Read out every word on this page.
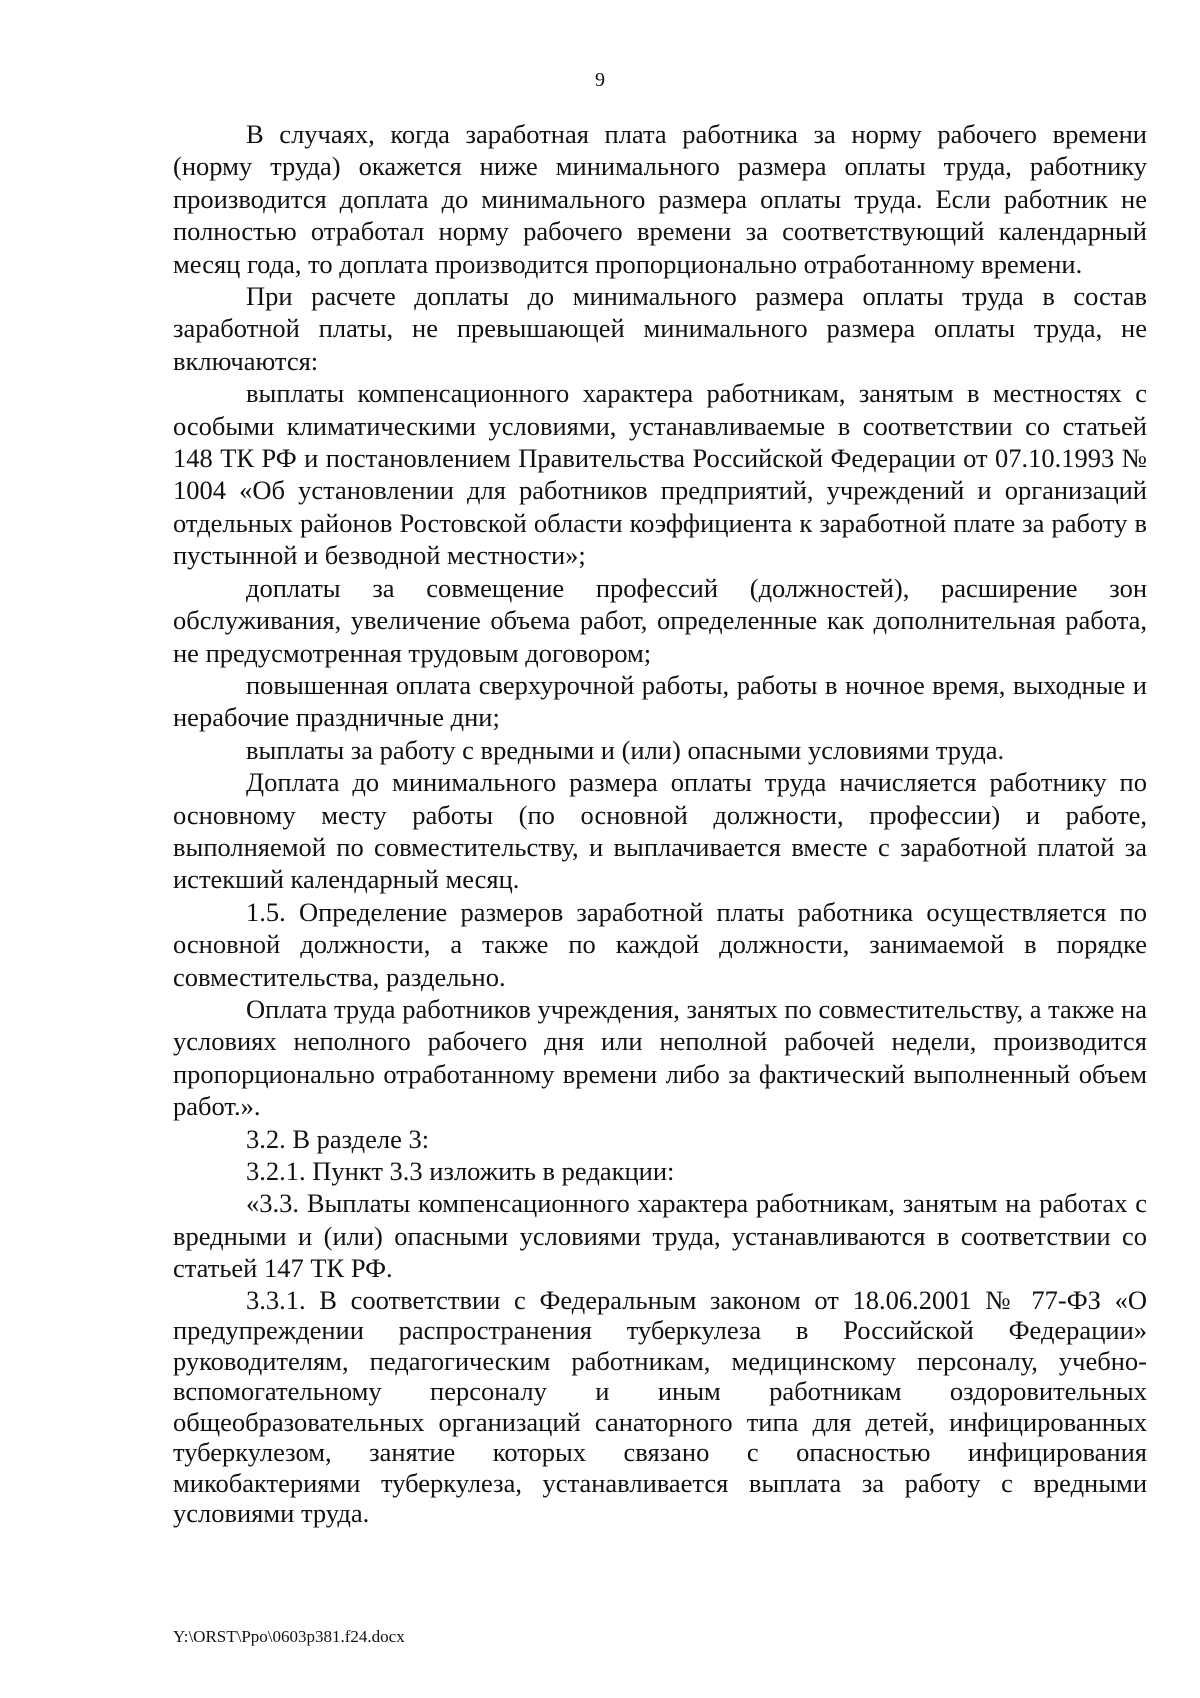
9

В случаях, когда заработная плата работника за норму рабочего времени (норму труда) окажется ниже минимального размера оплаты труда, работнику производится доплата до минимального размера оплаты труда. Если работник не полностью отработал норму рабочего времени за соответствующий календарный месяц года, то доплата производится пропорционально отработанному времени.

При расчете доплаты до минимального размера оплаты труда в состав заработной платы, не превышающей минимального размера оплаты труда, не включаются:

выплаты компенсационного характера работникам, занятым в местностях с особыми климатическими условиями, устанавливаемые в соответствии со статьей 148 ТК РФ и постановлением Правительства Российской Федерации от 07.10.1993 № 1004 «Об установлении для работников предприятий, учреждений и организаций отдельных районов Ростовской области коэффициента к заработной плате за работу в пустынной и безводной местности»;

доплаты за совмещение профессий (должностей), расширение зон обслуживания, увеличение объема работ, определенные как дополнительная работа, не предусмотренная трудовым договором;

повышенная оплата сверхурочной работы, работы в ночное время, выходные и нерабочие праздничные дни;

выплаты за работу с вредными и (или) опасными условиями труда.

Доплата до минимального размера оплаты труда начисляется работнику по основному месту работы (по основной должности, профессии) и работе, выполняемой по совместительству, и выплачивается вместе с заработной платой за истекший календарный месяц.

1.5. Определение размеров заработной платы работника осуществляется по основной должности, а также по каждой должности, занимаемой в порядке совместительства, раздельно.

Оплата труда работников учреждения, занятых по совместительству, а также на условиях неполного рабочего дня или неполной рабочей недели, производится пропорционально отработанному времени либо за фактический выполненный объем работ.».

3.2. В разделе 3:

3.2.1. Пункт 3.3 изложить в редакции:

«3.3. Выплаты компенсационного характера работникам, занятым на работах с вредными и (или) опасными условиями труда, устанавливаются в соответствии со статьей 147 ТК РФ.

3.3.1. В соответствии с Федеральным законом от 18.06.2001 № 77-ФЗ «О предупреждении распространения туберкулеза в Российской Федерации» руководителям, педагогическим работникам, медицинскому персоналу, учебно-вспомогательному персоналу и иным работникам оздоровительных общеобразовательных организаций санаторного типа для детей, инфицированных туберкулезом, занятие которых связано с опасностью инфицирования микобактериями туберкулеза, устанавливается выплата за работу с вредными условиями труда.

Y:\ORST\Ppo\0603p381.f24.docx
